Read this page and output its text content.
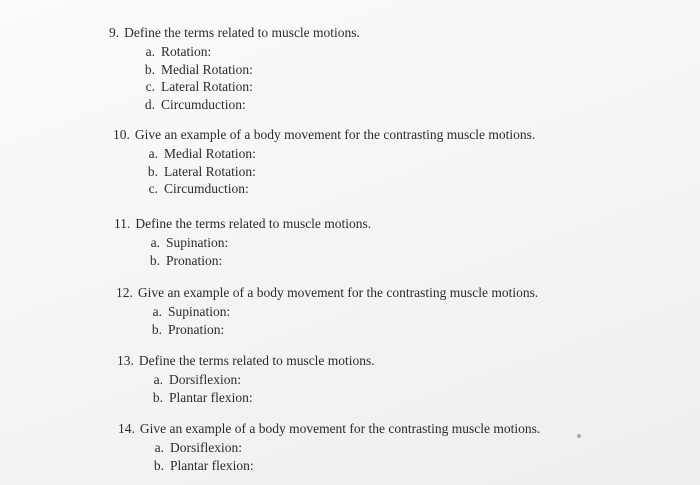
9. Define the terms related to muscle motions.
a. Rotation:
b. Medial Rotation:
c. Lateral Rotation:
d. Circumduction:
10. Give an example of a body movement for the contrasting muscle motions.
a. Medial Rotation:
b. Lateral Rotation:
c. Circumduction:
11. Define the terms related to muscle motions.
a. Supination:
b. Pronation:
12. Give an example of a body movement for the contrasting muscle motions.
a. Supination:
b. Pronation:
13. Define the terms related to muscle motions.
a. Dorsiflexion:
b. Plantar flexion:
14. Give an example of a body movement for the contrasting muscle motions.
a. Dorsiflexion:
b. Plantar flexion:
